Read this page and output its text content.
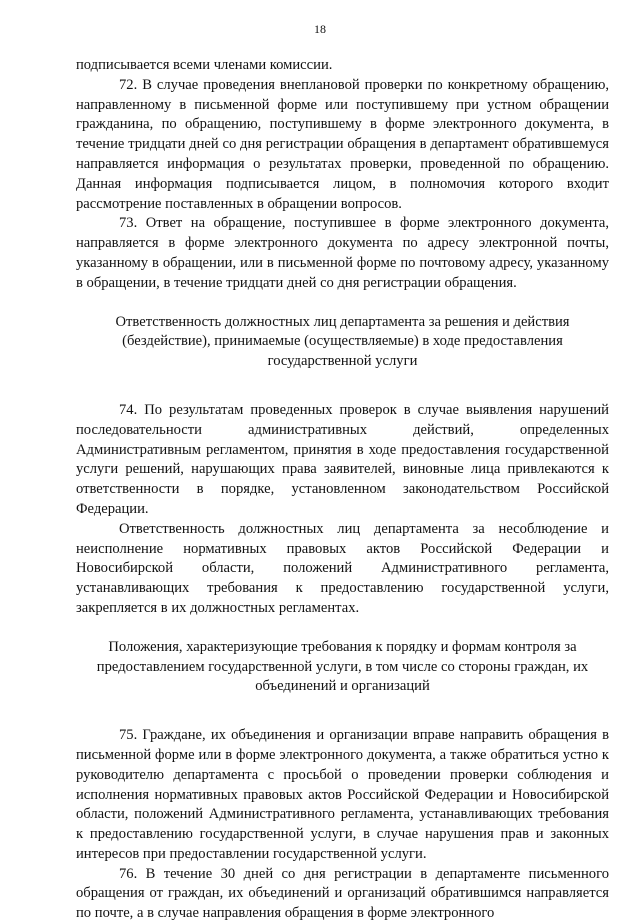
18

подписывается всеми членами комиссии.

72. В случае проведения внеплановой проверки по конкретному обращению, направленному в письменной форме или поступившему при устном обращении гражданина, по обращению, поступившему в форме электронного документа, в течение тридцати дней со дня регистрации обращения в департамент обратившемуся направляется информация о результатах проверки, проведенной по обращению. Данная информация подписывается лицом, в полномочия которого входит рассмотрение поставленных в обращении вопросов.

73. Ответ на обращение, поступившее в форме электронного документа, направляется в форме электронного документа по адресу электронной почты, указанному в обращении, или в письменной форме по почтовому адресу, указанному в обращении, в течение тридцати дней со дня регистрации обращения.

Ответственность должностных лиц департамента за решения и действия (бездействие), принимаемые (осуществляемые) в ходе предоставления государственной услуги

74. По результатам проведенных проверок в случае выявления нарушений последовательности административных действий, определенных Административным регламентом, принятия в ходе предоставления государственной услуги решений, нарушающих права заявителей, виновные лица привлекаются к ответственности в порядке, установленном законодательством Российской Федерации.

Ответственность должностных лиц департамента за несоблюдение и неисполнение нормативных правовых актов Российской Федерации и Новосибирской области, положений Административного регламента, устанавливающих требования к предоставлению государственной услуги, закрепляется в их должностных регламентах.

Положения, характеризующие требования к порядку и формам контроля за предоставлением государственной услуги, в том числе со стороны граждан, их объединений и организаций

75. Граждане, их объединения и организации вправе направить обращения в письменной форме или в форме электронного документа, а также обратиться устно к руководителю департамента с просьбой о проведении проверки соблюдения и исполнения нормативных правовых актов Российской Федерации и Новосибирской области, положений Административного регламента, устанавливающих требования к предоставлению государственной услуги, в случае нарушения прав и законных интересов при предоставлении государственной услуги.

76. В течение 30 дней со дня регистрации в департаменте письменного обращения от граждан, их объединений и организаций обратившимся направляется по почте, а в случае направления обращения в форме электронного
